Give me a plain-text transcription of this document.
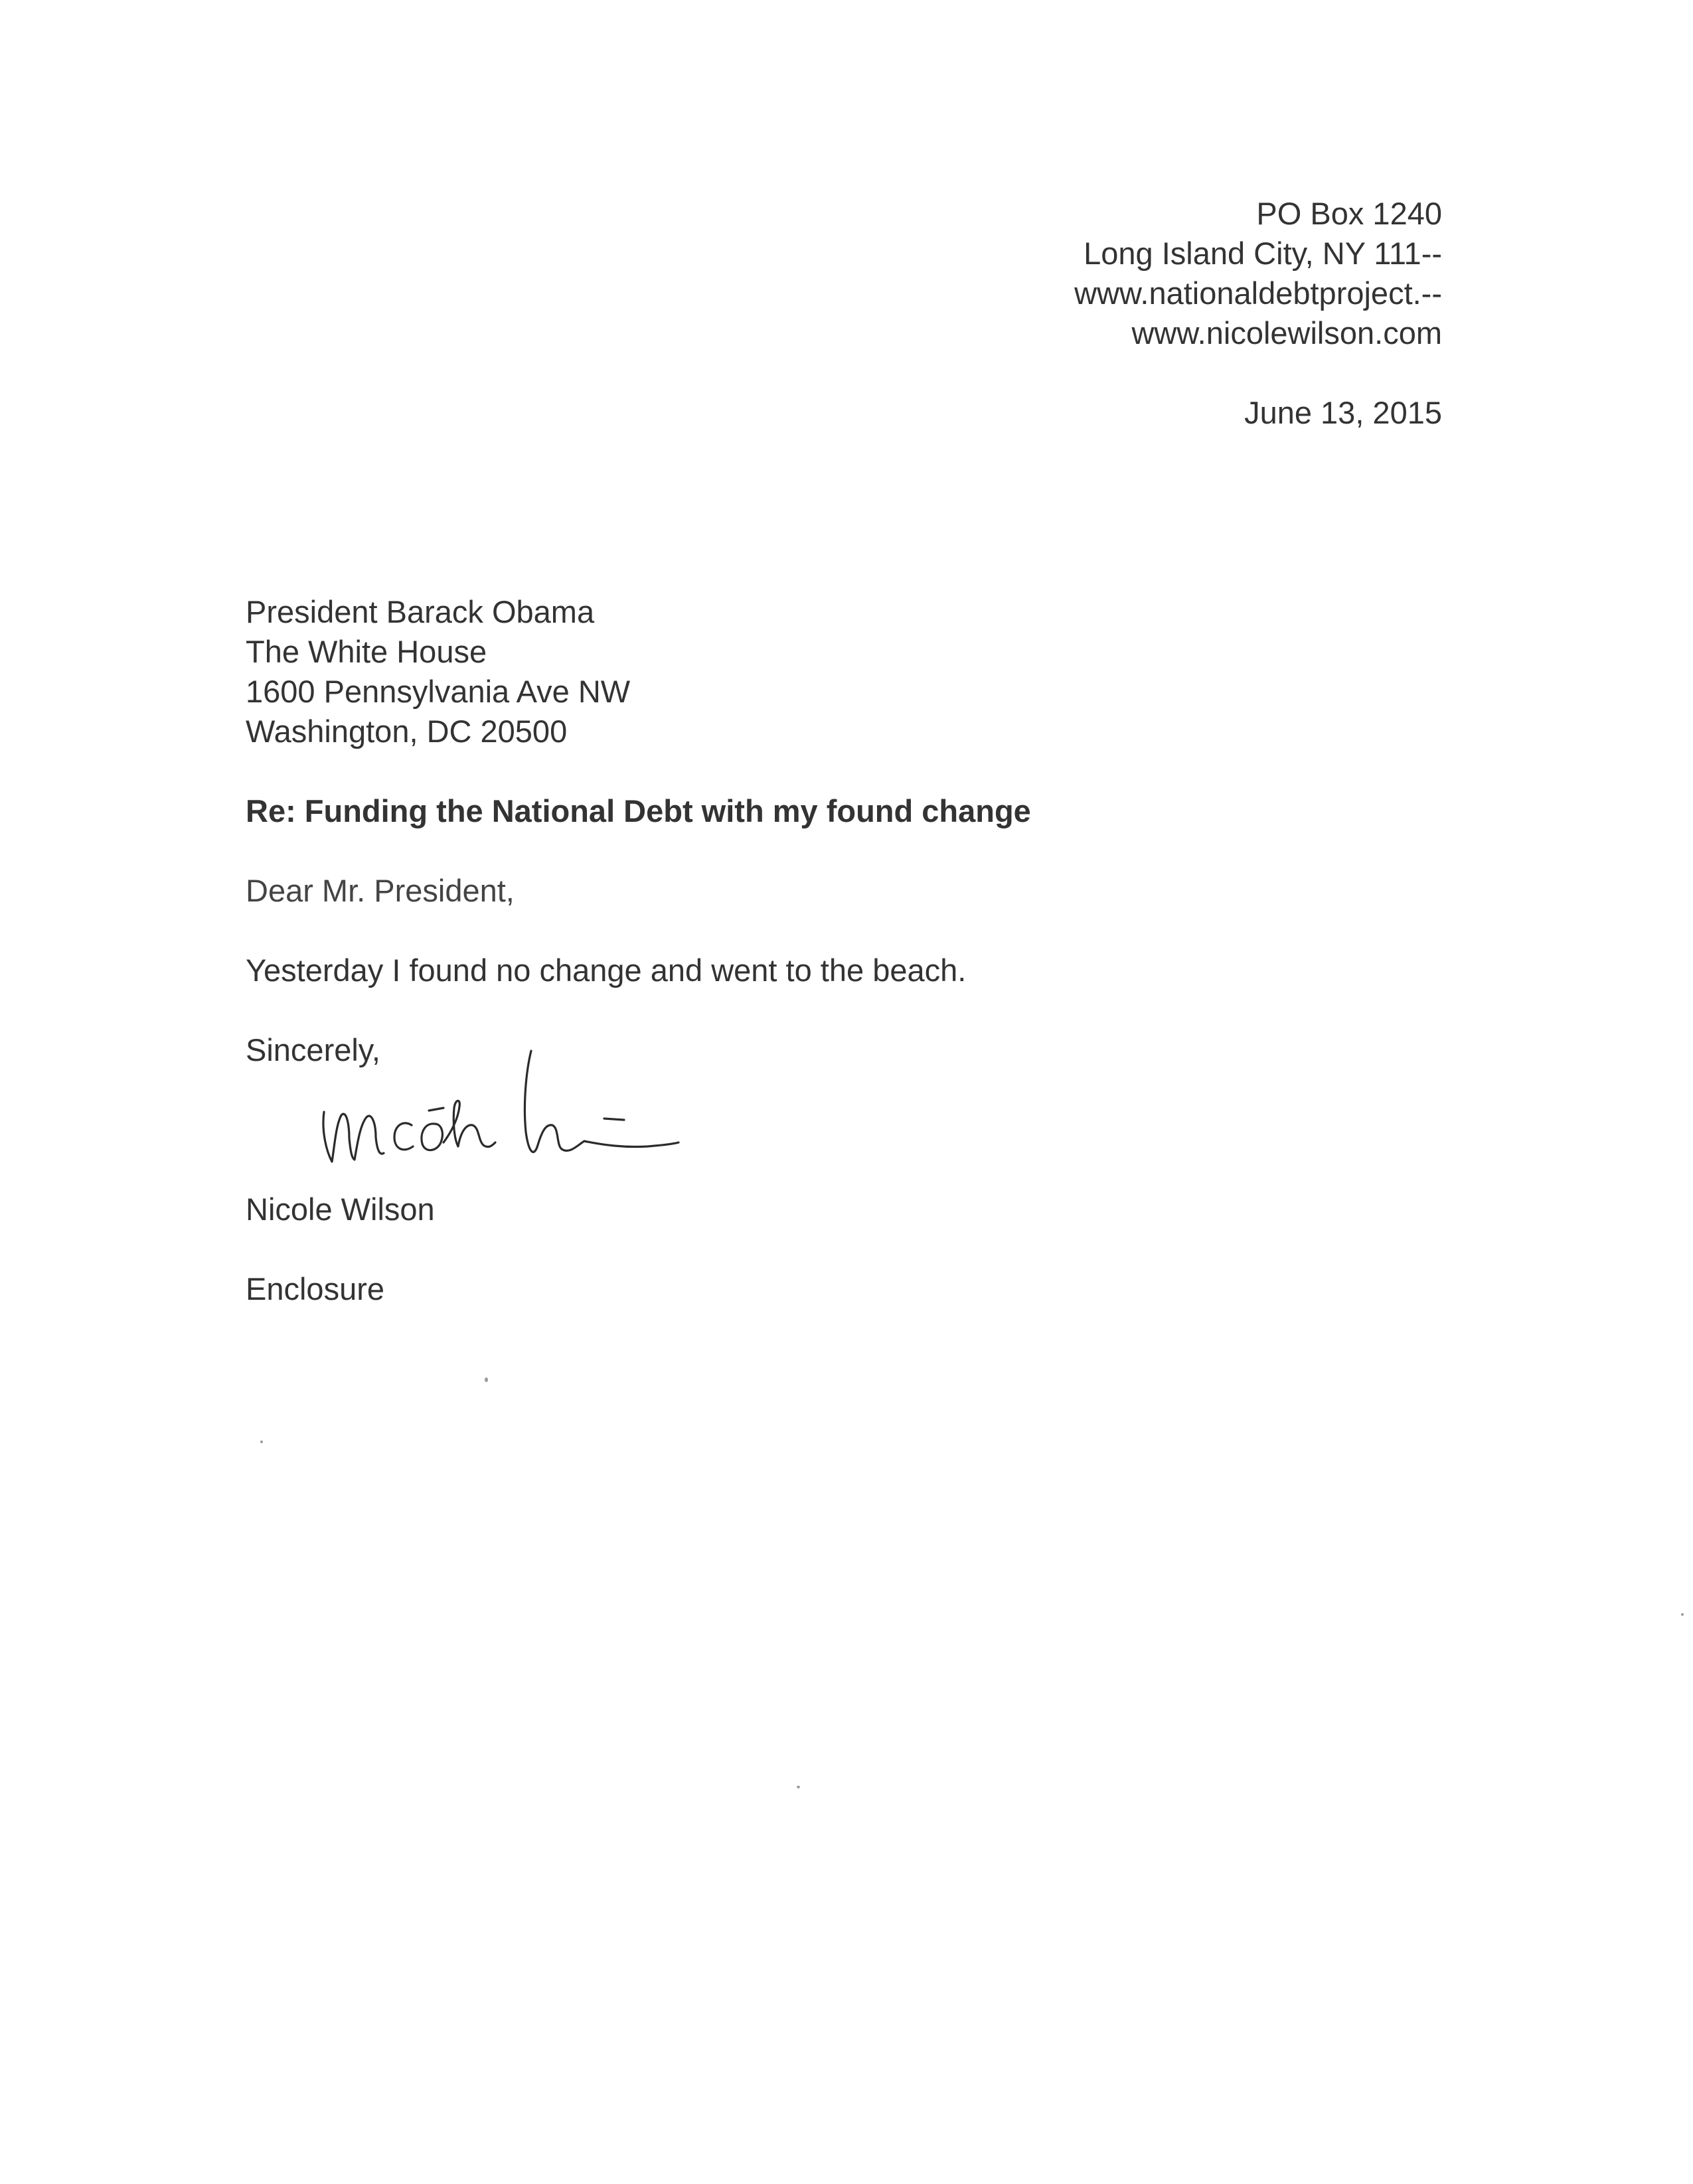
PO Box 1240
Long Island City, NY 111--
www.nationaldebtproject.--
www.nicolewilson.com
June 13, 2015
President Barack Obama
The White House
1600 Pennsylvania Ave NW
Washington, DC 20500
Re: Funding the National Debt with my found change
Dear Mr. President,
Yesterday I found no change and went to the beach.
Sincerely,
Nicole Wilson
Enclosure
